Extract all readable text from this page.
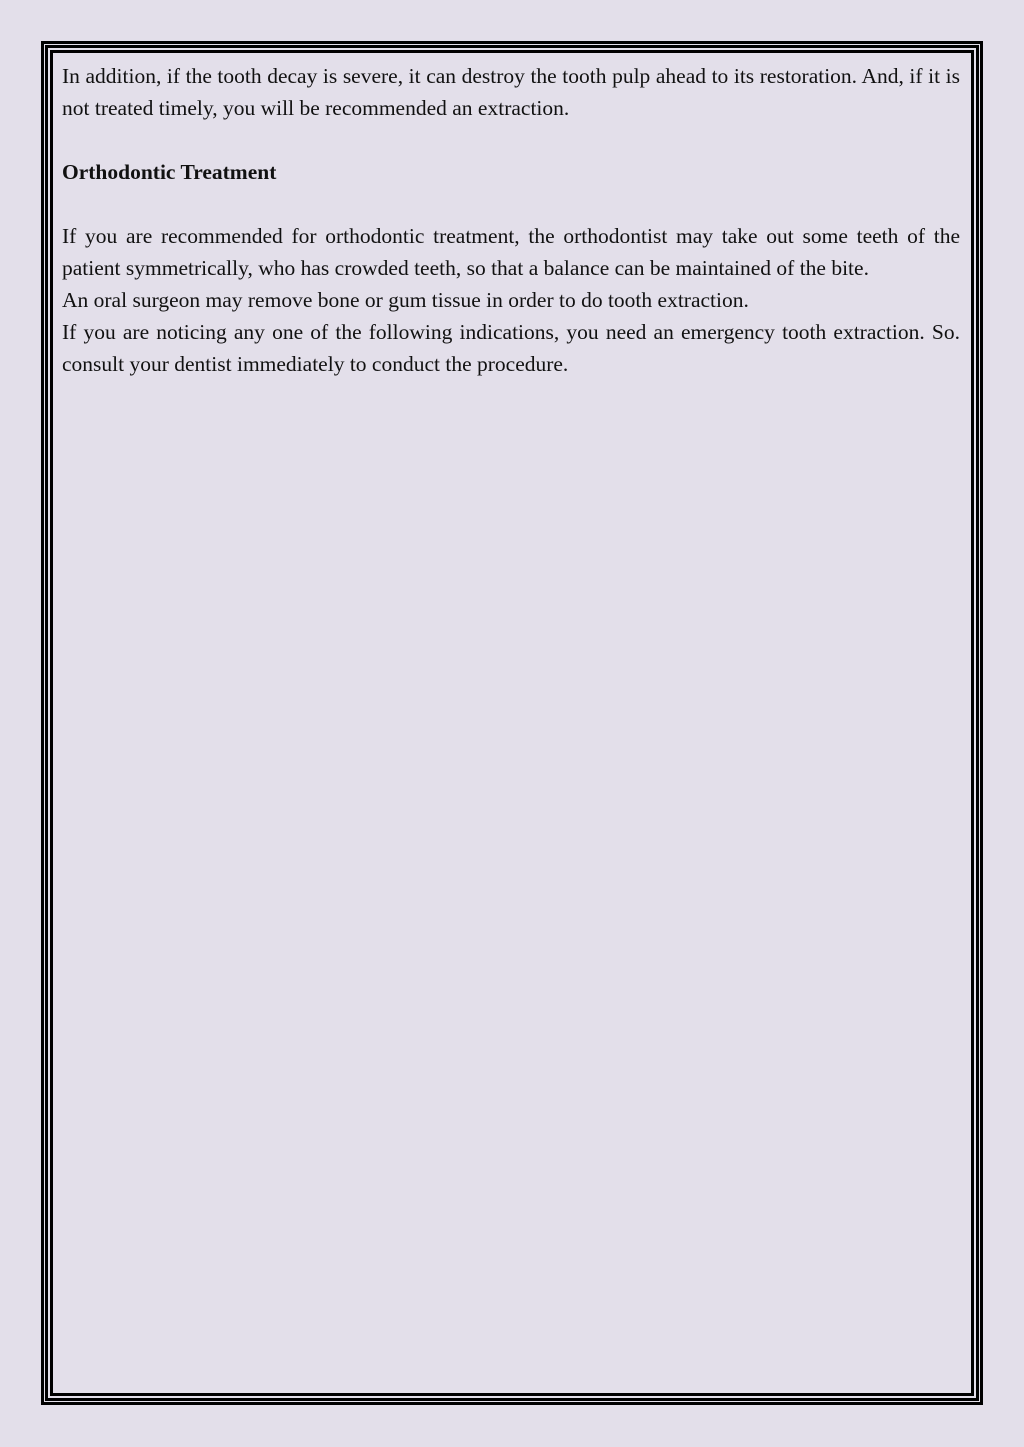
In addition, if the tooth decay is severe, it can destroy the tooth pulp ahead to its restoration. And, if it is not treated timely, you will be recommended an extraction.

Orthodontic Treatment

If you are recommended for orthodontic treatment, the orthodontist may take out some teeth of the patient symmetrically, who has crowded teeth, so that a balance can be maintained of the bite.

An oral surgeon may remove bone or gum tissue in order to do tooth extraction.

If you are noticing any one of the following indications, you need an emergency tooth extraction. So. consult your dentist immediately to conduct the procedure.
